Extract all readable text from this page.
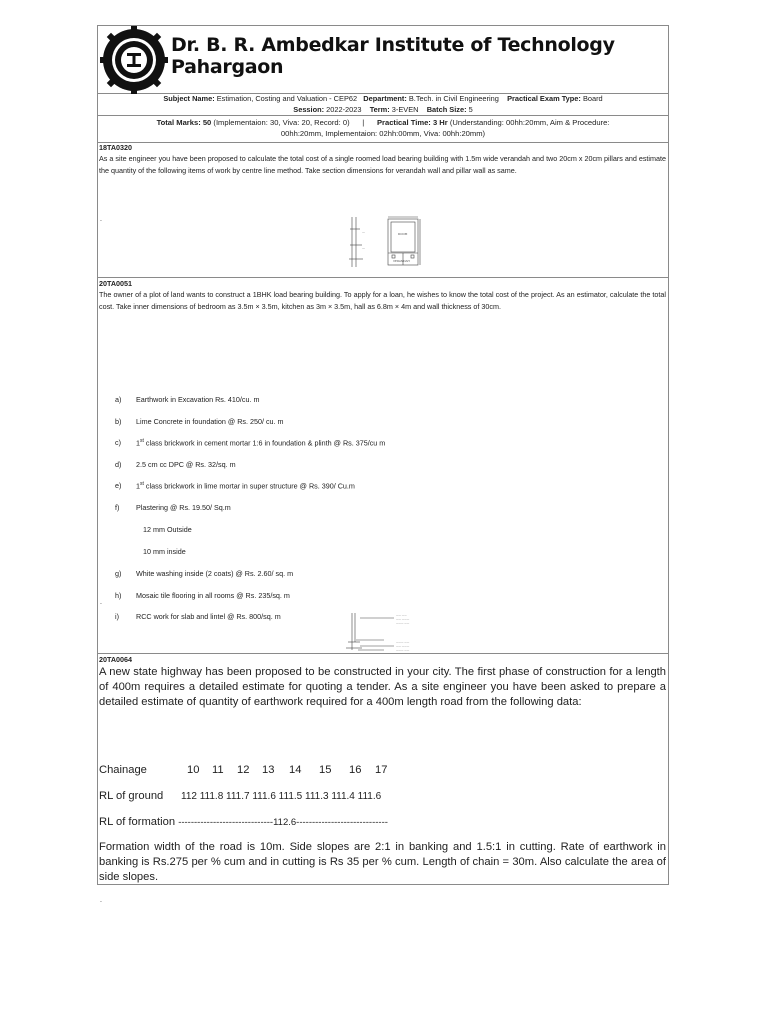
Dr. B. R. Ambedkar Institute of Technology
Pahargaon
Subject Name: Estimation, Costing and Valuation - CEP62 Department: B.Tech. in Civil Engineering Practical Exam Type: Board
Session: 2022-2023 Term: 3-EVEN Batch Size: 5
Total Marks: 50 (Implementaion: 30, Viva: 20, Record: 0) | Practical Time: 3 Hr (Understanding: 00hh:20mm, Aim & Procedure:
00hh:20mm, Implementaion: 02hh:00mm, Viva: 00hh:20mm)
18TA0320
As a site engineer you have been proposed to calculate the total cost of a single roomed load bearing building with 1.5m wide verandah and two 20cm x 20cm pillars and estimate the quantity of the following items of work by centre line method. Take section dimensions for verandah wall and pillar wall as same.
.
ROOM
VERANDAH
—
—
20TA0051
The owner of a plot of land wants to construct a 1BHK load bearing building. To apply for a loan, he wishes to know the total cost of the project. As an estimator, calculate the total cost. Take inner dimensions of bedroom as 3.5m × 3.5m, kitchen as 3m × 3.5m, hall as 6.8m × 4m and wall thickness of 30cm.
a) Earthwork in Excavation Rs. 410/cu. m
b) Lime Concrete in foundation @ Rs. 250/ cu. m
c) 1st class brickwork in cement mortar 1:6 in foundation & plinth @ Rs. 375/cu m
d) 2.5 cm cc DPC @ Rs. 32/sq. m
e) 1st class brickwork in lime mortar in super structure @ Rs. 390/ Cu.m
f) Plastering @ Rs. 19.50/ Sq.m
12 mm Outside
10 mm inside
g) White washing inside (2 coats) @ Rs. 2.60/ sq. m
h) Mosaic tile flooring in all rooms @ Rs. 235/sq. m
i) RCC work for slab and lintel @ Rs. 800/sq. m
.
—— ——
—— ———
——— ——
——— ——
—— ———
——— ——
20TA0064
A new state highway has been proposed to be constructed in your city. The first phase of construction for a length of 400m requires a detailed estimate for quoting a tender. As a site engineer you have been asked to prepare a detailed estimate of quantity of earthwork required for a 400m length road from the following data:
Chainage	10 11 12 13 14 15 16 17
RL of ground 112 111.8 111.7 111.6 111.5 111.3 111.4 111.6
RL of formation ------------------------------112.6-----------------------------
Formation width of the road is 10m. Side slopes are 2:1 in banking and 1.5:1 in cutting. Rate of earthwork in banking is Rs.275 per % cum and in cutting is Rs 35 per % cum. Length of chain = 30m. Also calculate the area of side slopes.
.
